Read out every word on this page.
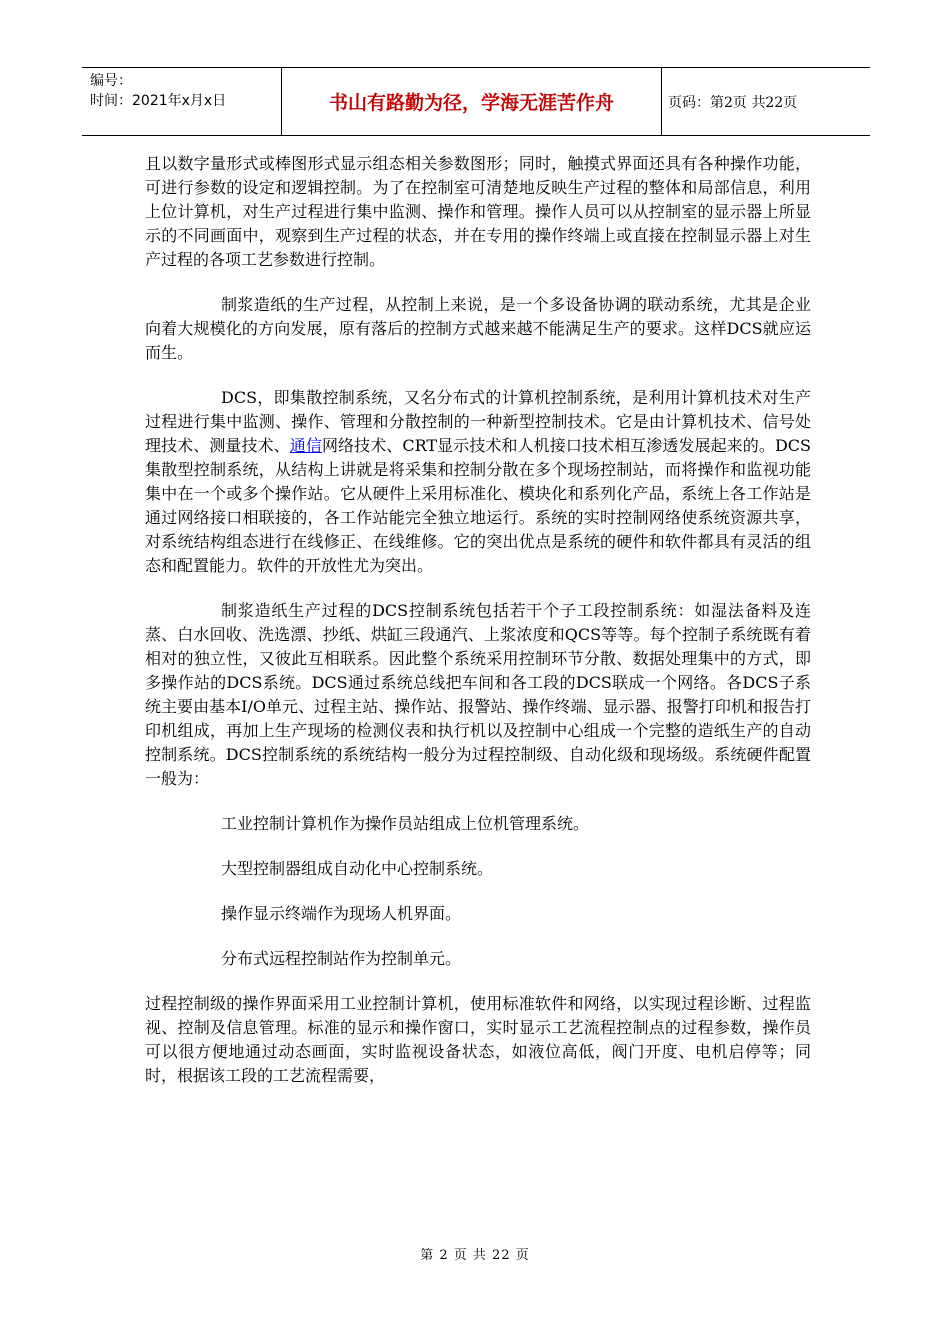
编号：
时间：2021年x月x日	书山有路勤为径，学海无涯苦作舟	页码：第2页 共22页

且以数字量形式或棒图形式显示组态相关参数图形；同时，触摸式界面还具有各种操作功能，可进行参数的设定和逻辑控制。为了在控制室可清楚地反映生产过程的整体和局部信息，利用上位计算机，对生产过程进行集中监测、操作和管理。操作人员可以从控制室的显示器上所显示的不同画面中，观察到生产过程的状态，并在专用的操作终端上或直接在控制显示器上对生产过程的各项工艺参数进行控制。

制浆造纸的生产过程，从控制上来说，是一个多设备协调的联动系统，尤其是企业向着大规模化的方向发展，原有落后的控制方式越来越不能满足生产的要求。这样DCS就应运而生。

DCS，即集散控制系统，又名分布式的计算机控制系统，是利用计算机技术对生产过程进行集中监测、操作、管理和分散控制的一种新型控制技术。它是由计算机技术、信号处理技术、测量技术、通信网络技术、CRT显示技术和人机接口技术相互渗透发展起来的。DCS集散型控制系统，从结构上讲就是将采集和控制分散在多个现场控制站，而将操作和监视功能集中在一个或多个操作站。它从硬件上采用标准化、模块化和系列化产品，系统上各工作站是通过网络接口相联接的，各工作站能完全独立地运行。系统的实时控制网络使系统资源共享，对系统结构组态进行在线修正、在线维修。它的突出优点是系统的硬件和软件都具有灵活的组态和配置能力。软件的开放性尤为突出。

制浆造纸生产过程的DCS控制系统包括若干个子工段控制系统：如湿法备料及连蒸、白水回收、洗选漂、抄纸、烘缸三段通汽、上浆浓度和QCS等等。每个控制子系统既有着相对的独立性，又彼此互相联系。因此整个系统采用控制环节分散、数据处理集中的方式，即多操作站的DCS系统。DCS通过系统总线把车间和各工段的DCS联成一个网络。各DCS子系统主要由基本I/O单元、过程主站、操作站、报警站、操作终端、显示器、报警打印机和报告打印机组成，再加上生产现场的检测仪表和执行机以及控制中心组成一个完整的造纸生产的自动控制系统。DCS控制系统的系统结构一般分为过程控制级、自动化级和现场级。系统硬件配置一般为：

工业控制计算机作为操作员站组成上位机管理系统。
大型控制器组成自动化中心控制系统。
操作显示终端作为现场人机界面。
分布式远程控制站作为控制单元。

过程控制级的操作界面采用工业控制计算机，使用标准软件和网络，以实现过程诊断、过程监视、控制及信息管理。标准的显示和操作窗口，实时显示工艺流程控制点的过程参数，操作员可以很方便地通过动态画面，实时监视设备状态，如液位高低，阀门开度、电机启停等；同时，根据该工段的工艺流程需要，

第 2 页 共 22 页
